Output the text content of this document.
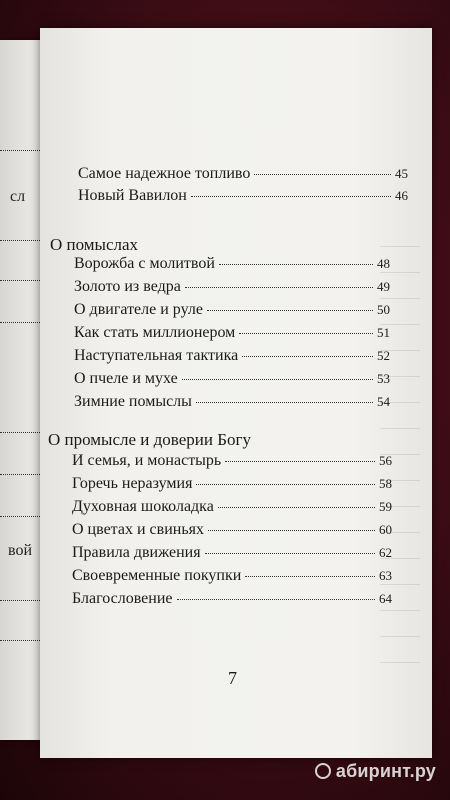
сл
вой
Самое надежное топливо	45
Новый Вавилон	46
О помыслах
Ворожба с молитвой	48
Золото из ведра	49
О двигателе и руле	50
Как стать миллионером	51
Наступательная тактика	52
О пчеле и мухе	53
Зимние помыслы	54
О промысле и доверии Богу
И семья, и монастырь	56
Горечь неразумия	58
Духовная шоколадка	59
О цветах и свиньях	60
Правила движения	62
Своевременные покупки	63
Благословение	64
7
абиринт.ру
